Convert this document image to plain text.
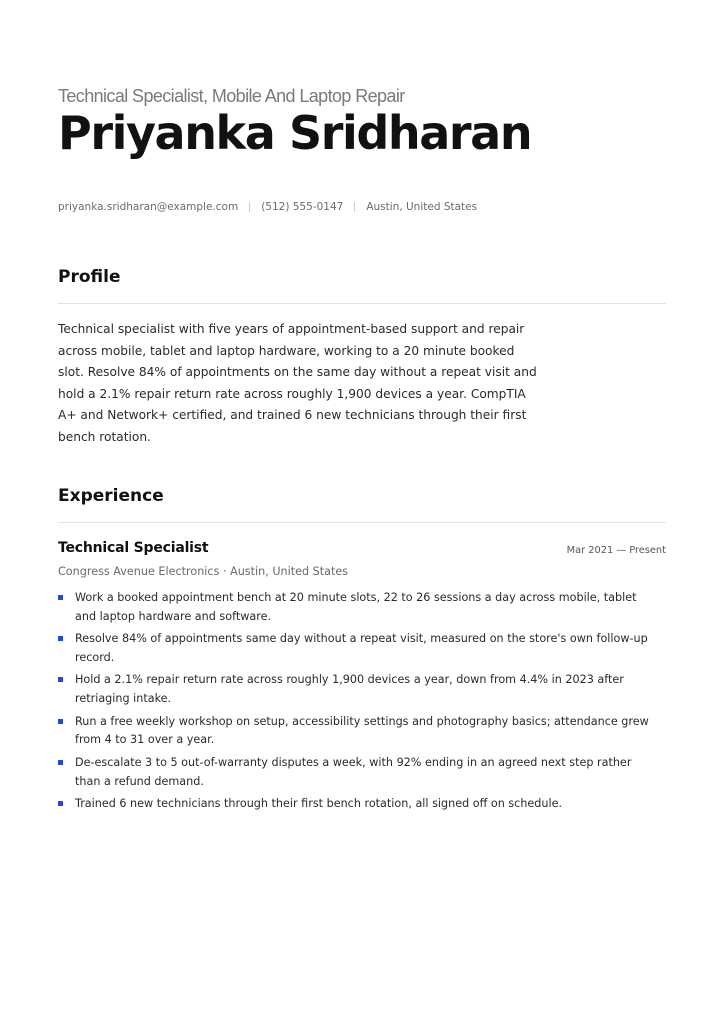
Technical Specialist, Mobile And Laptop Repair
Priyanka Sridharan
priyanka.sridharan@example.com (512) 555-0147 Austin, United States
Profile
Technical specialist with five years of appointment-based support and repair across mobile, tablet and laptop hardware, working to a 20 minute booked slot. Resolve 84% of appointments on the same day without a repeat visit and hold a 2.1% repair return rate across roughly 1,900 devices a year. CompTIA A+ and Network+ certified, and trained 6 new technicians through their first bench rotation.
Experience
Technical Specialist	Mar 2021 — Present
Congress Avenue Electronics · Austin, United States
Work a booked appointment bench at 20 minute slots, 22 to 26 sessions a day across mobile, tablet and laptop hardware and software.
Resolve 84% of appointments same day without a repeat visit, measured on the store's own follow-up record.
Hold a 2.1% repair return rate across roughly 1,900 devices a year, down from 4.4% in 2023 after retriaging intake.
Run a free weekly workshop on setup, accessibility settings and photography basics; attendance grew from 4 to 31 over a year.
De-escalate 3 to 5 out-of-warranty disputes a week, with 92% ending in an agreed next step rather than a refund demand.
Trained 6 new technicians through their first bench rotation, all signed off on schedule.
